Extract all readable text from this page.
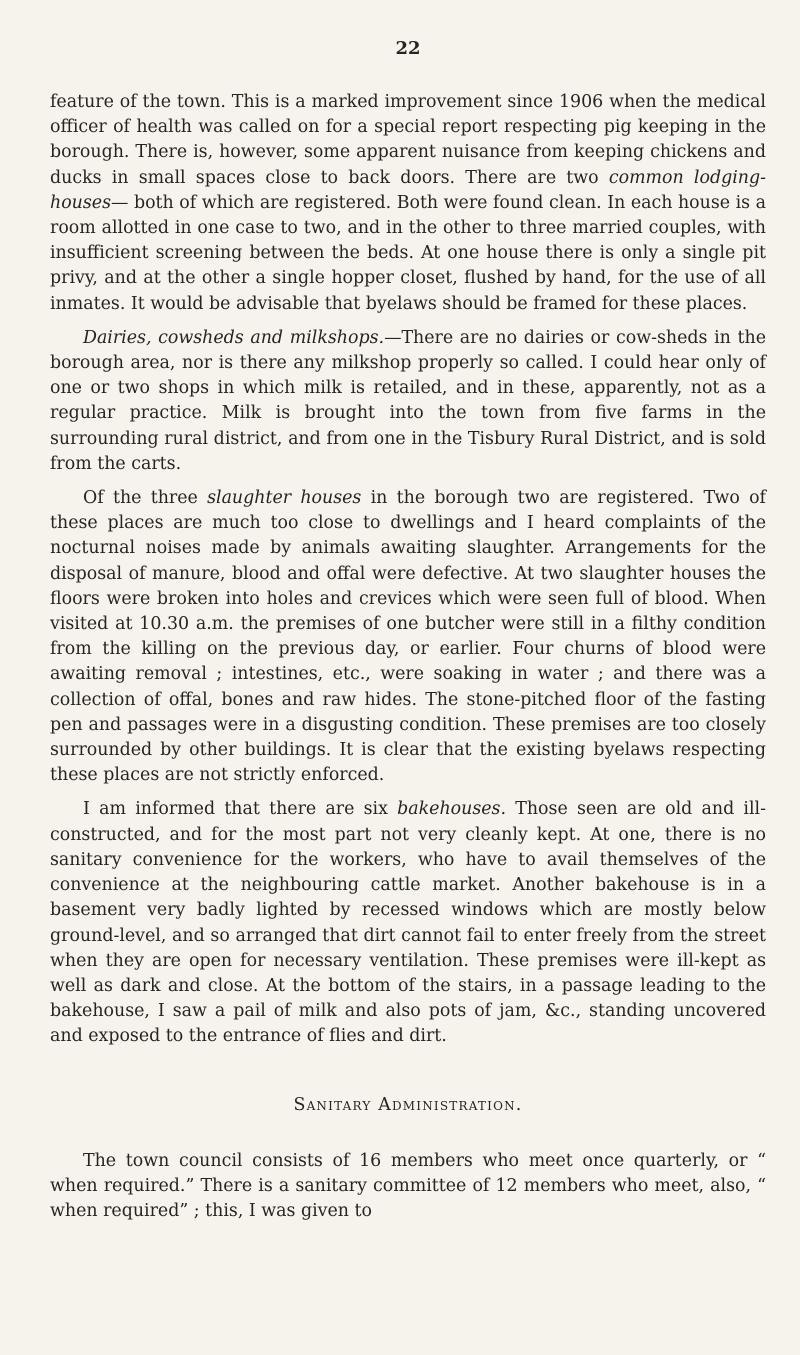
22

feature of the town. This is a marked improvement since 1906 when the medical officer of health was called on for a special report respecting pig keeping in the borough. There is, however, some apparent nuisance from keeping chickens and ducks in small spaces close to back doors. There are two common lodging-houses— both of which are registered. Both were found clean. In each house is a room allotted in one case to two, and in the other to three married couples, with insufficient screening between the beds. At one house there is only a single pit privy, and at the other a single hopper closet, flushed by hand, for the use of all inmates. It would be advisable that byelaws should be framed for these places.

Dairies, cowsheds and milkshops.—There are no dairies or cow-sheds in the borough area, nor is there any milkshop properly so called. I could hear only of one or two shops in which milk is retailed, and in these, apparently, not as a regular practice. Milk is brought into the town from five farms in the surrounding rural district, and from one in the Tisbury Rural District, and is sold from the carts.

Of the three slaughter houses in the borough two are registered. Two of these places are much too close to dwellings and I heard complaints of the nocturnal noises made by animals awaiting slaughter. Arrangements for the disposal of manure, blood and offal were defective. At two slaughter houses the floors were broken into holes and crevices which were seen full of blood. When visited at 10.30 a.m. the premises of one butcher were still in a filthy condition from the killing on the previous day, or earlier. Four churns of blood were awaiting removal ; intestines, etc., were soaking in water ; and there was a collection of offal, bones and raw hides. The stone-pitched floor of the fasting pen and passages were in a disgusting condition. These premises are too closely surrounded by other buildings. It is clear that the existing byelaws respecting these places are not strictly enforced.

I am informed that there are six bakehouses. Those seen are old and ill-constructed, and for the most part not very cleanly kept. At one, there is no sanitary convenience for the workers, who have to avail themselves of the convenience at the neighbouring cattle market. Another bakehouse is in a basement very badly lighted by recessed windows which are mostly below ground-level, and so arranged that dirt cannot fail to enter freely from the street when they are open for necessary ventilation. These premises were ill-kept as well as dark and close. At the bottom of the stairs, in a passage leading to the bakehouse, I saw a pail of milk and also pots of jam, &c., standing uncovered and exposed to the entrance of flies and dirt.

Sanitary Administration.

The town council consists of 16 members who meet once quarterly, or “ when required.” There is a sanitary committee of 12 members who meet, also, “ when required” ; this, I was given to
